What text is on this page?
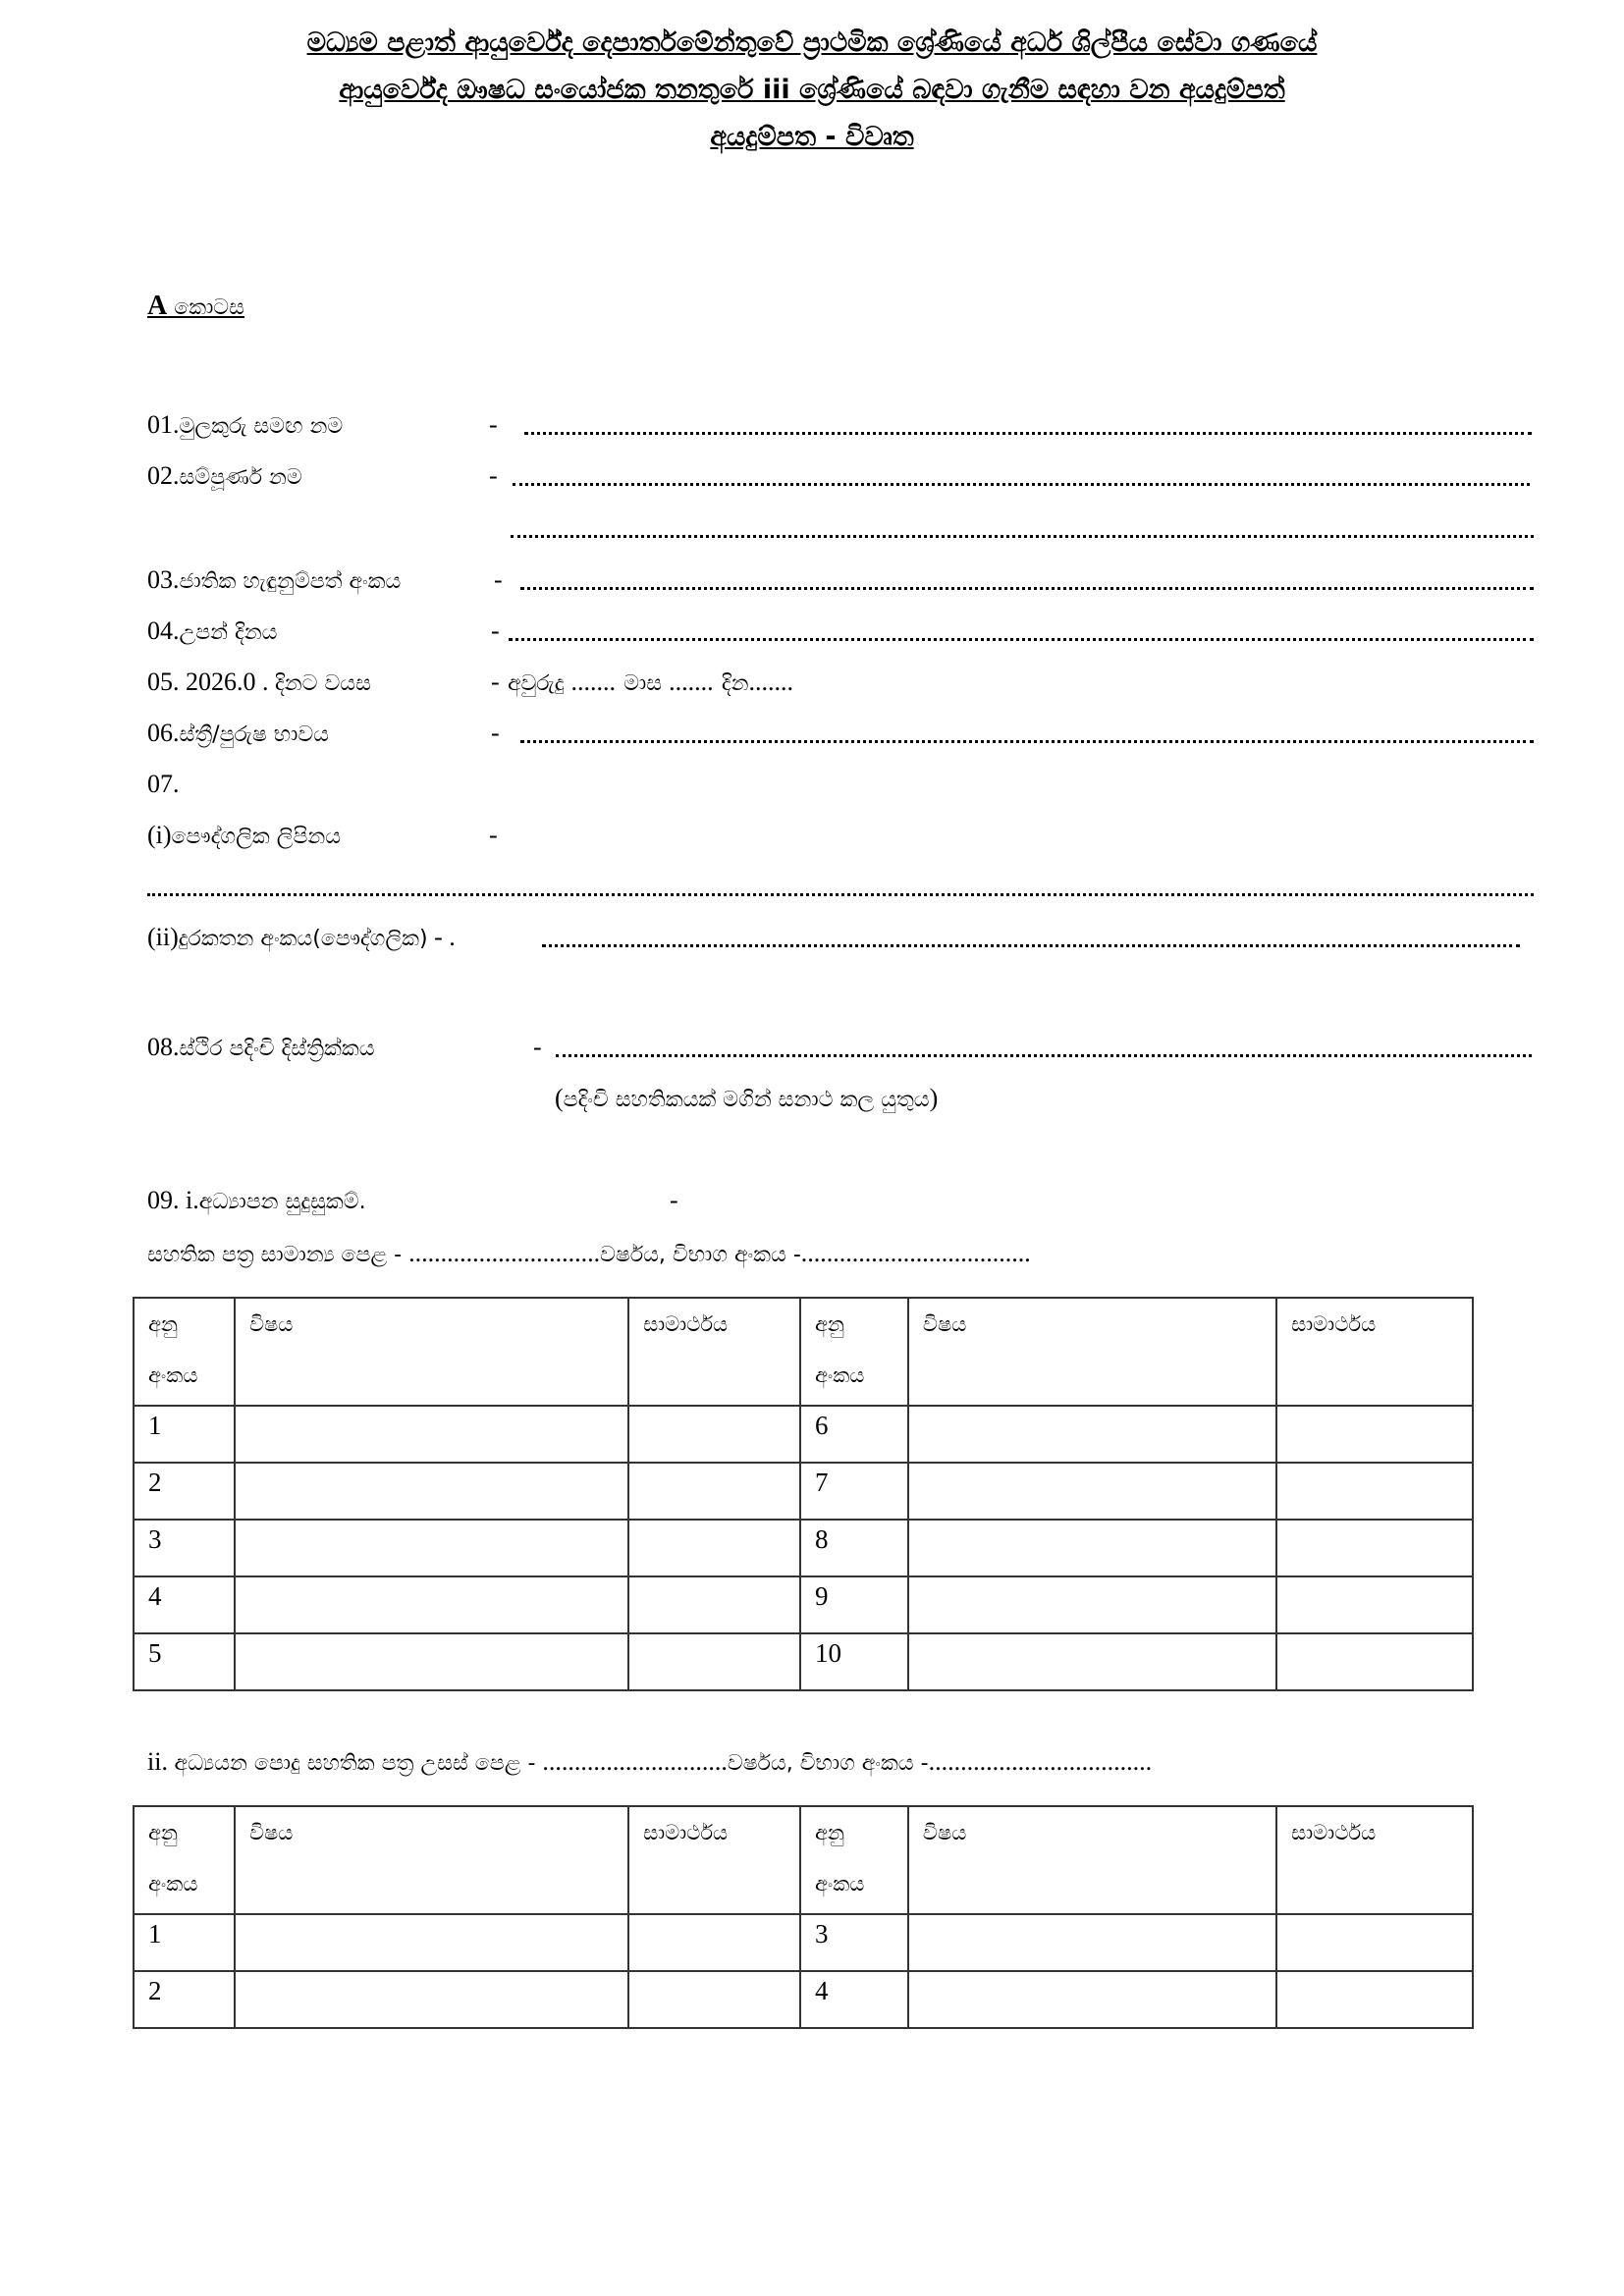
මධ්‍යම පළාත් ආයුර්වේද දෙපාර්තමේන්තුවේ ප්‍රාථමික ශ්‍රේණියේ අර්ධ ශිල්පීය සේවා ගණයේ
ආයුර්වේද ඖෂධ සංයෝජක තනතුරේ iii ශ්‍රේණියේ බඳවා ගැනීම සඳහා වන අයදුම්පත්
අයදුම්පත - විවෘත
A කොටස
01.මුලකුරු සමඟ නම	-
02.සම්පූර්ණ නම	-
03.ජාතික හැඳුනුම්පත් අංකය	-
04.උපන් දිනය	-
05. 2026.0 . දිනට වයස	- අවුරුදු ....... මාස ....... දින.......
06.ස්ත්‍රී/පුරුෂ භාවය	-
07.
(i)පෞද්ගලික ලිපිනය	-
(ii)දුරකතන අංකය(පෞද්ගලික) - .
08.ස්ථිර පදිංචි දිස්ත්‍රික්කය	-
(පදිංචි සහතිකයක් මගින් සනාථ කල යුතුය)
09. i.අධ්‍යාපන සුදුසුකම්.	-
සහතික පත්‍ර සාමාන්‍ය පෙළ - ..............................වර්ෂය, විභාග අංකය -....................................
අනු අංකය	විෂය	සාමාර්ථය	අනු අංකය	විෂය	සාමාර්ථය
1			6		
2			7		
3			8		
4			9		
5			10		
ii. අධ්‍යයන පොදු සහතික පත්‍ර උසස් පෙළ - .............................වර්ෂය, විභාග අංකය -...................................
අනු අංකය	විෂය	සාමාර්ථය	අනු අංකය	විෂය	සාමාර්ථය
1			3		
2			4		
